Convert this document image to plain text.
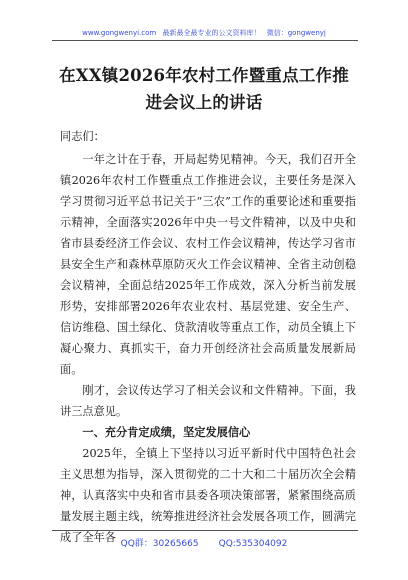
www.gongwenyi.com 最新最全最专业的公文资料库！ 微信：gongwenyj
在XX镇2026年农村工作暨重点工作推
进会议上的讲话

同志们：

一年之计在于春，开局起势见精神。今天，我们召开全镇2026年农村工作暨重点工作推进会议，主要任务是深入学习贯彻习近平总书记关于“三农”工作的重要论述和重要指示精神，全面落实2026年中央一号文件精神，以及中央和省市县委经济工作会议、农村工作会议精神，传达学习省市县安全生产和森林草原防灭火工作会议精神、全省主动创稳会议精神，全面总结2025年工作成效，深入分析当前发展形势，安排部署2026年农业农村、基层党建、安全生产、信访维稳、国土绿化、贷款清收等重点工作，动员全镇上下凝心聚力、真抓实干，奋力开创经济社会高质量发展新局面。

刚才，会议传达学习了相关会议和文件精神。下面，我讲三点意见。

一、充分肯定成绩，坚定发展信心

2025年，全镇上下坚持以习近平新时代中国特色社会主义思想为指导，深入贯彻党的二十大和二十届历次全会精神，认真落实中央和省市县委各项决策部署，紧紧围绕高质量发展主题主线，统筹推进经济社会发展各项工作，圆满完成了全年各 QQ群：30265665 QQ:535304092
